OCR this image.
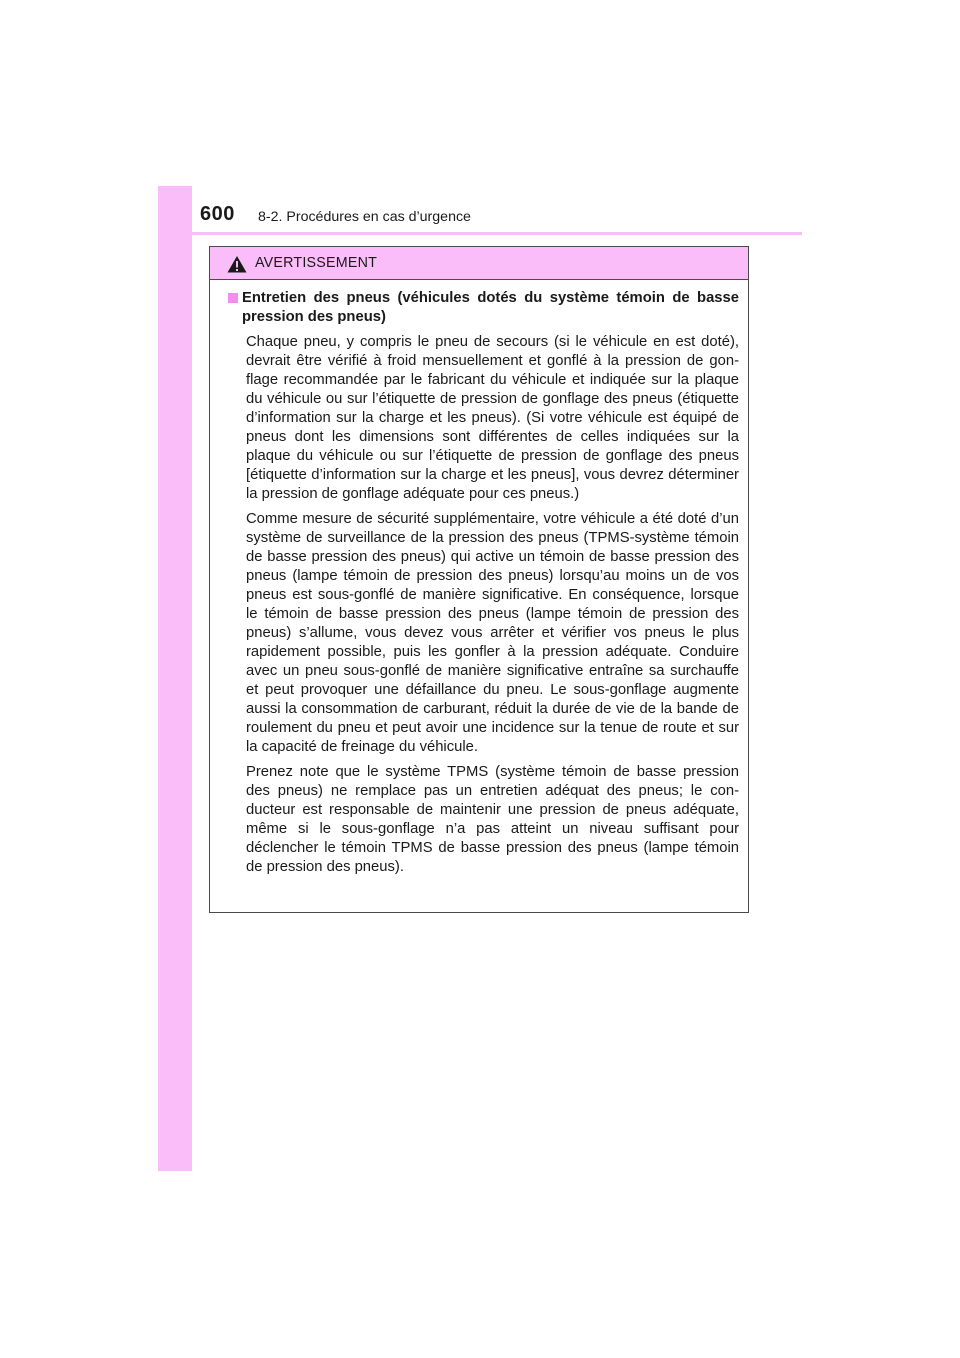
600 8-2. Procédures en cas d’urgence
AVERTISSEMENT
Entretien des pneus (véhicules dotés du système témoin de basse pression des pneus)

Chaque pneu, y compris le pneu de secours (si le véhicule en est doté), devrait être vérifié à froid mensuellement et gonflé à la pression de gonflage recommandée par le fabricant du véhicule et indiquée sur la plaque du véhicule ou sur l’étiquette de pression de gonflage des pneus (étiquette d’information sur la charge et les pneus). (Si votre véhicule est équipé de pneus dont les dimensions sont différentes de celles indiquées sur la plaque du véhicule ou sur l’étiquette de pression de gonflage des pneus [étiquette d’information sur la charge et les pneus], vous devrez déterminer la pression de gonflage adéquate pour ces pneus.)

Comme mesure de sécurité supplémentaire, votre véhicule a été doté d’un système de surveillance de la pression des pneus (TPMS-système témoin de basse pression des pneus) qui active un témoin de basse pression des pneus (lampe témoin de pression des pneus) lorsqu’au moins un de vos pneus est sous-gonflé de manière significative. En conséquence, lorsque le témoin de basse pression des pneus (lampe témoin de pression des pneus) s’allume, vous devez vous arrêter et vérifier vos pneus le plus rapidement possible, puis les gonfler à la pression adéquate. Conduire avec un pneu sous-gonflé de manière significative entraîne sa surchauffe et peut provoquer une défaillance du pneu. Le sous-gonflage augmente aussi la consommation de carburant, réduit la durée de vie de la bande de roulement du pneu et peut avoir une incidence sur la tenue de route et sur la capacité de freinage du véhicule.

Prenez note que le système TPMS (système témoin de basse pression des pneus) ne remplace pas un entretien adéquat des pneus; le conducteur est responsable de maintenir une pression de pneus adéquate, même si le sous-gonflage n’a pas atteint un niveau suffisant pour déclencher le témoin TPMS de basse pression des pneus (lampe témoin de pression des pneus).
